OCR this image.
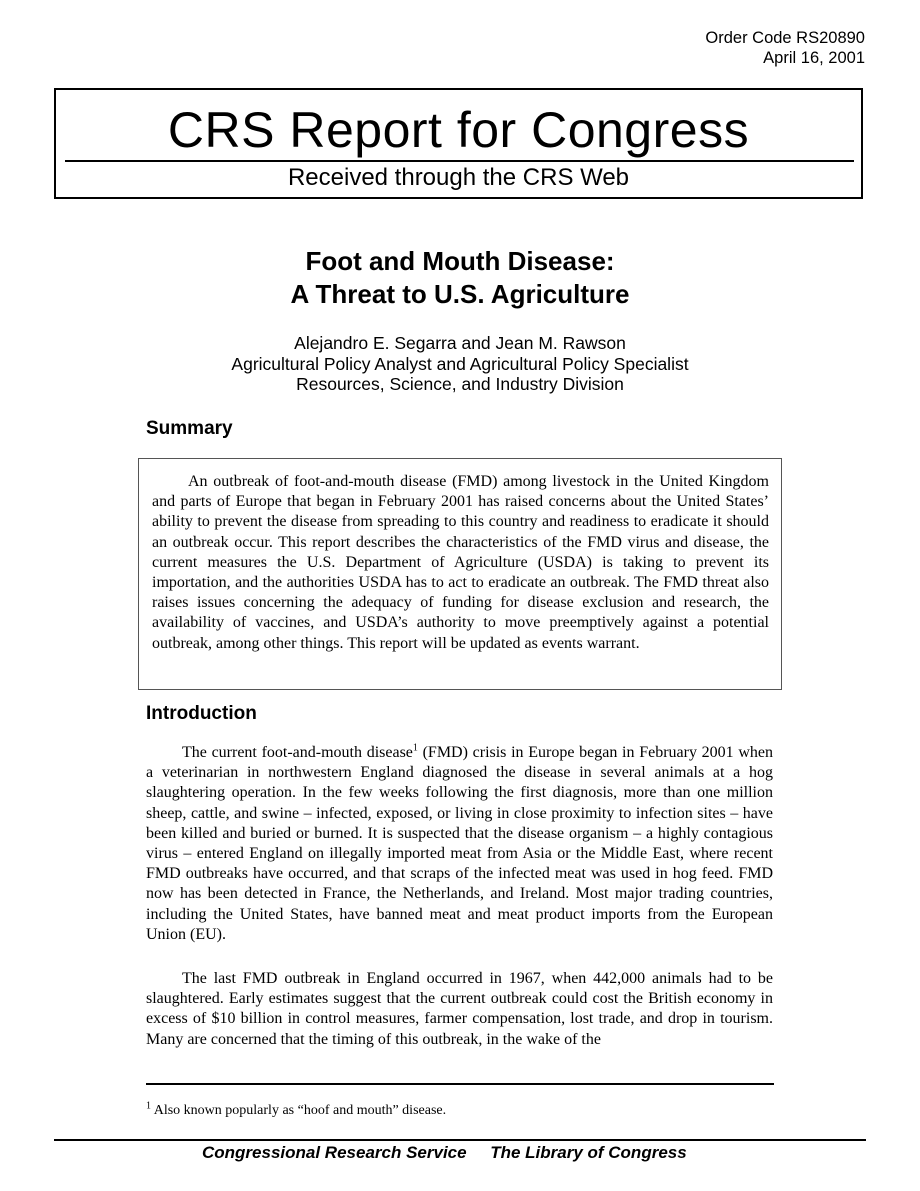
Order Code RS20890
April 16, 2001
CRS Report for Congress
Received through the CRS Web
Foot and Mouth Disease:
A Threat to U.S. Agriculture
Alejandro E. Segarra and Jean M. Rawson
Agricultural Policy Analyst and Agricultural Policy Specialist
Resources, Science, and Industry Division
Summary

An outbreak of foot-and-mouth disease (FMD) among livestock in the United Kingdom and parts of Europe that began in February 2001 has raised concerns about the United States’ ability to prevent the disease from spreading to this country and readiness to eradicate it should an outbreak occur. This report describes the characteristics of the FMD virus and disease, the current measures the U.S. Department of Agriculture (USDA) is taking to prevent its importation, and the authorities USDA has to act to eradicate an outbreak. The FMD threat also raises issues concerning the adequacy of funding for disease exclusion and research, the availability of vaccines, and USDA’s authority to move preemptively against a potential outbreak, among other things. This report will be updated as events warrant.

Introduction

The current foot-and-mouth disease$^1$ (FMD) crisis in Europe began in February 2001 when a veterinarian in northwestern England diagnosed the disease in several animals at a hog slaughtering operation. In the few weeks following the first diagnosis, more than one million sheep, cattle, and swine – infected, exposed, or living in close proximity to infection sites – have been killed and buried or burned. It is suspected that the disease organism – a highly contagious virus – entered England on illegally imported meat from Asia or the Middle East, where recent FMD outbreaks have occurred, and that scraps of the infected meat was used in hog feed. FMD now has been detected in France, the Netherlands, and Ireland. Most major trading countries, including the United States, have banned meat and meat product imports from the European Union (EU).

The last FMD outbreak in England occurred in 1967, when 442,000 animals had to be slaughtered. Early estimates suggest that the current outbreak could cost the British economy in excess of $10 billion in control measures, farmer compensation, lost trade, and drop in tourism. Many are concerned that the timing of this outbreak, in the wake of the

$^1$ Also known popularly as “hoof and mouth” disease.
Congressional Research Service The Library of Congress
